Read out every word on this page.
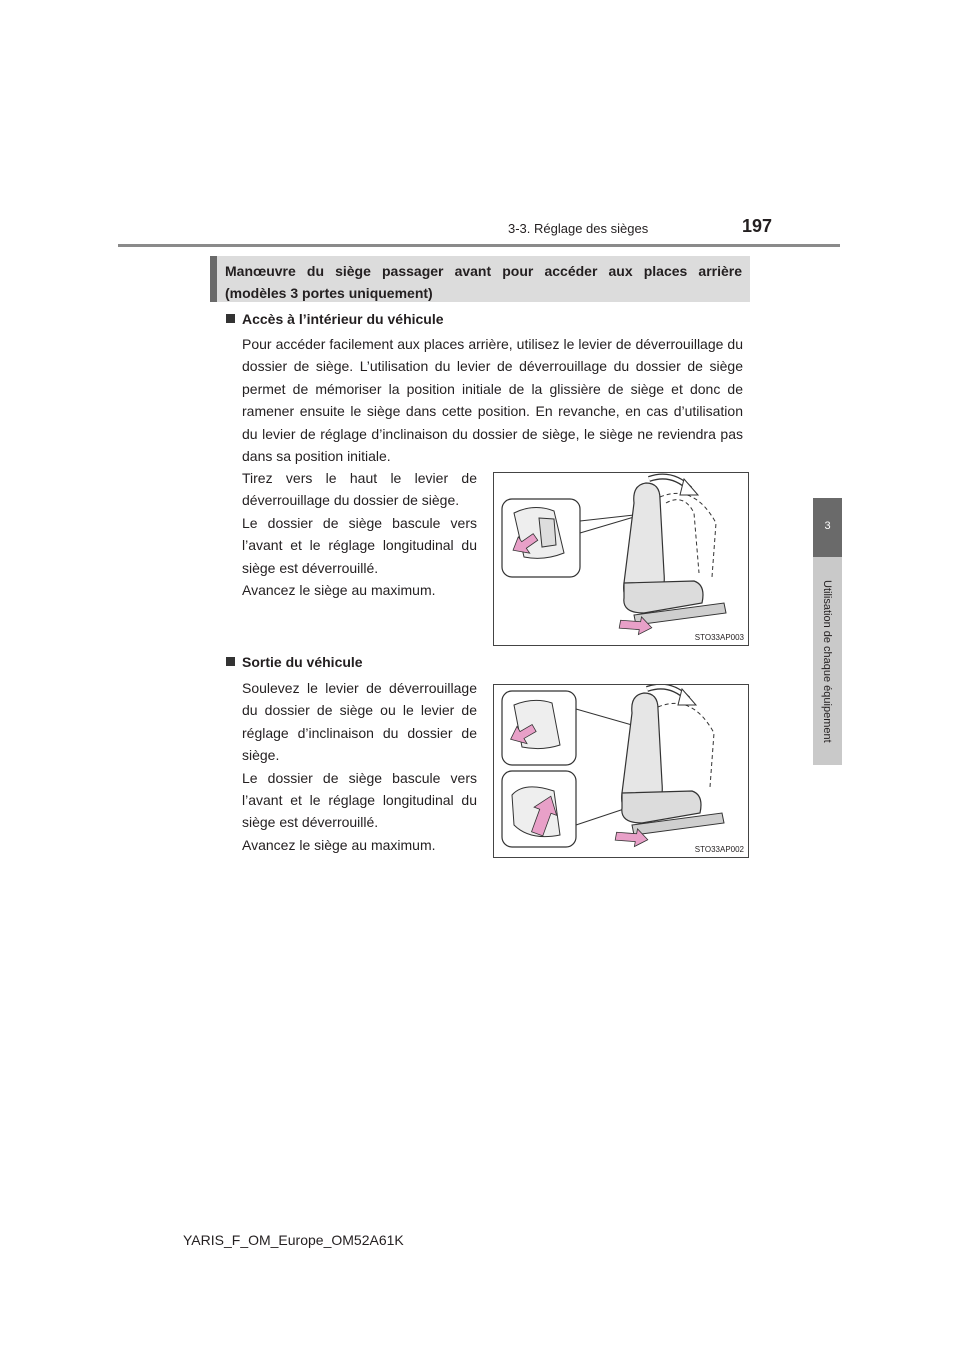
3-3. Réglage des sièges	197
3
Utilisation de chaque équipement
Manœuvre du siège passager avant pour accéder aux places arrière (modèles 3 portes uniquement)
Accès à l’intérieur du véhicule

Pour accéder facilement aux places arrière, utilisez le levier de déverrouillage du dossier de siège. L’utilisation du levier de déverrouillage du dossier de siège permet de mémoriser la position initiale de la glissière de siège et donc de ramener ensuite le siège dans cette position. En revanche, en cas d’utilisation du levier de réglage d’inclinaison du dossier de siège, le siège ne reviendra pas dans sa position initiale.

Tirez vers le haut le levier de déverrouillage du dossier de siège.

Le dossier de siège bascule vers l’avant et le réglage longitudinal du siège est déverrouillé.

Avancez le siège au maximum.

STO33AP003
Sortie du véhicule

Soulevez le levier de déverrouillage du dossier de siège ou le levier de réglage d’inclinaison du dossier de siège.

Le dossier de siège bascule vers l’avant et le réglage longitudinal du siège est déverrouillé.

Avancez le siège au maximum.	STO33AP002
YARIS_F_OM_Europe_OM52A61K
